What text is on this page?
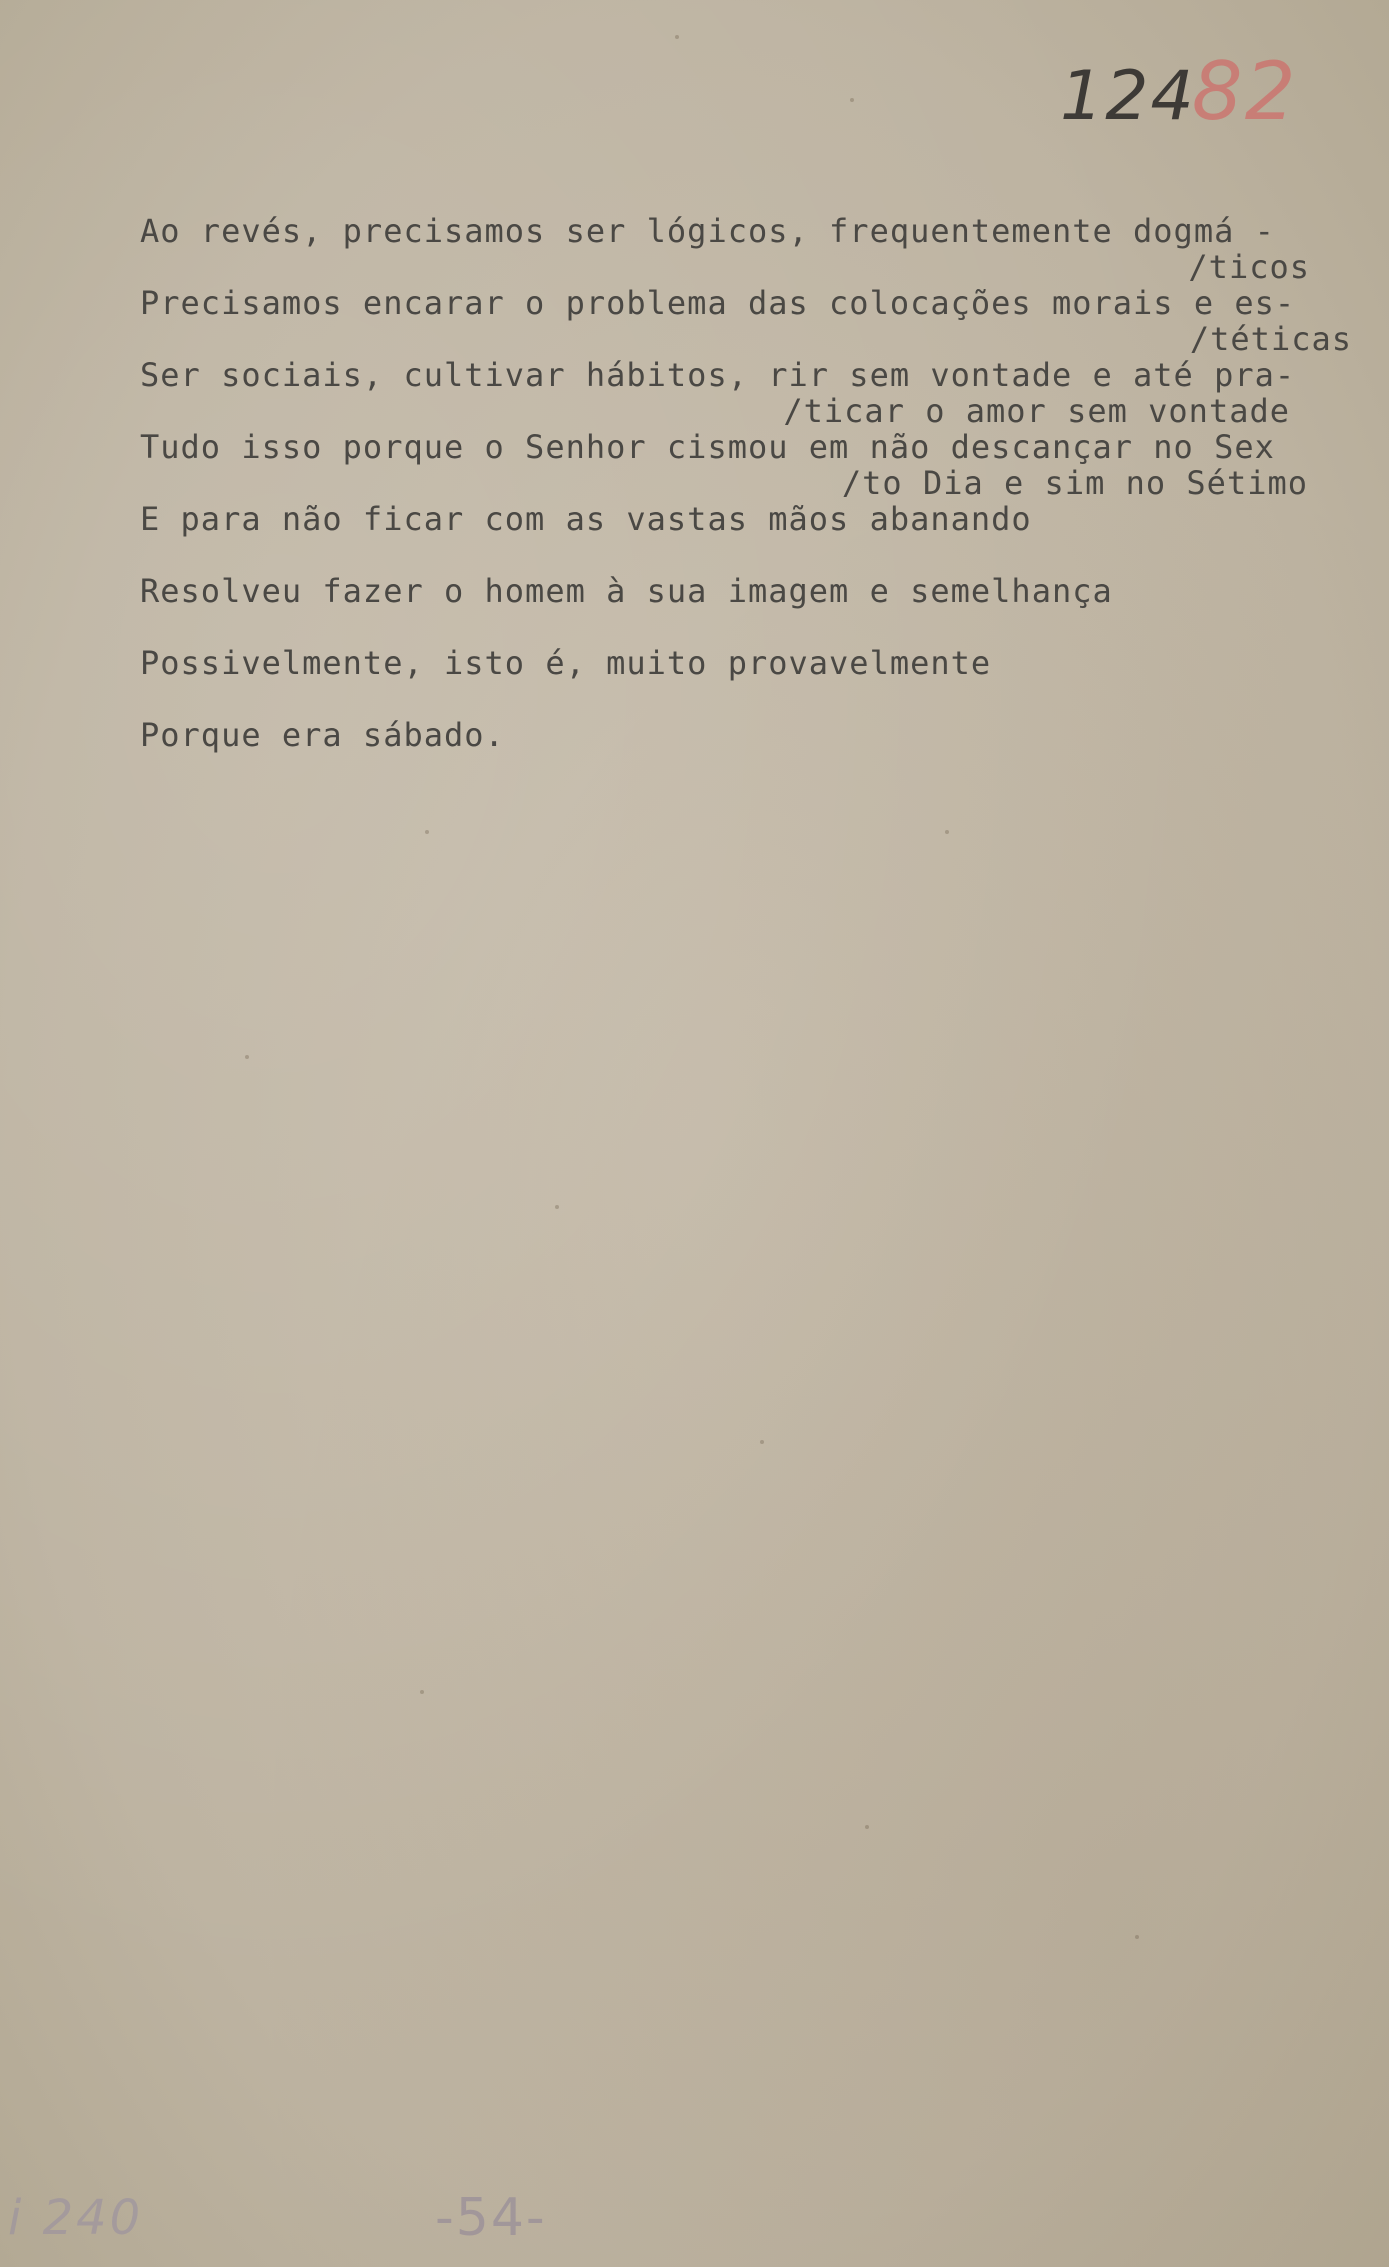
12482

Ao revés, precisamos ser lógicos, frequentemente dogmá -

/ticos

Precisamos encarar o problema das colocações morais e es-

/téticas

Ser sociais, cultivar hábitos, rir sem vontade e até pra-

/ticar o amor sem vontade

Tudo isso porque o Senhor cismou em não descançar no Sex

/to Dia e sim no Sétimo

E para não ficar com as vastas mãos abanando

Resolveu fazer o homem à sua imagem e semelhança

Possivelmente, isto é, muito provavelmente

Porque era sábado.

i 240	-54-
